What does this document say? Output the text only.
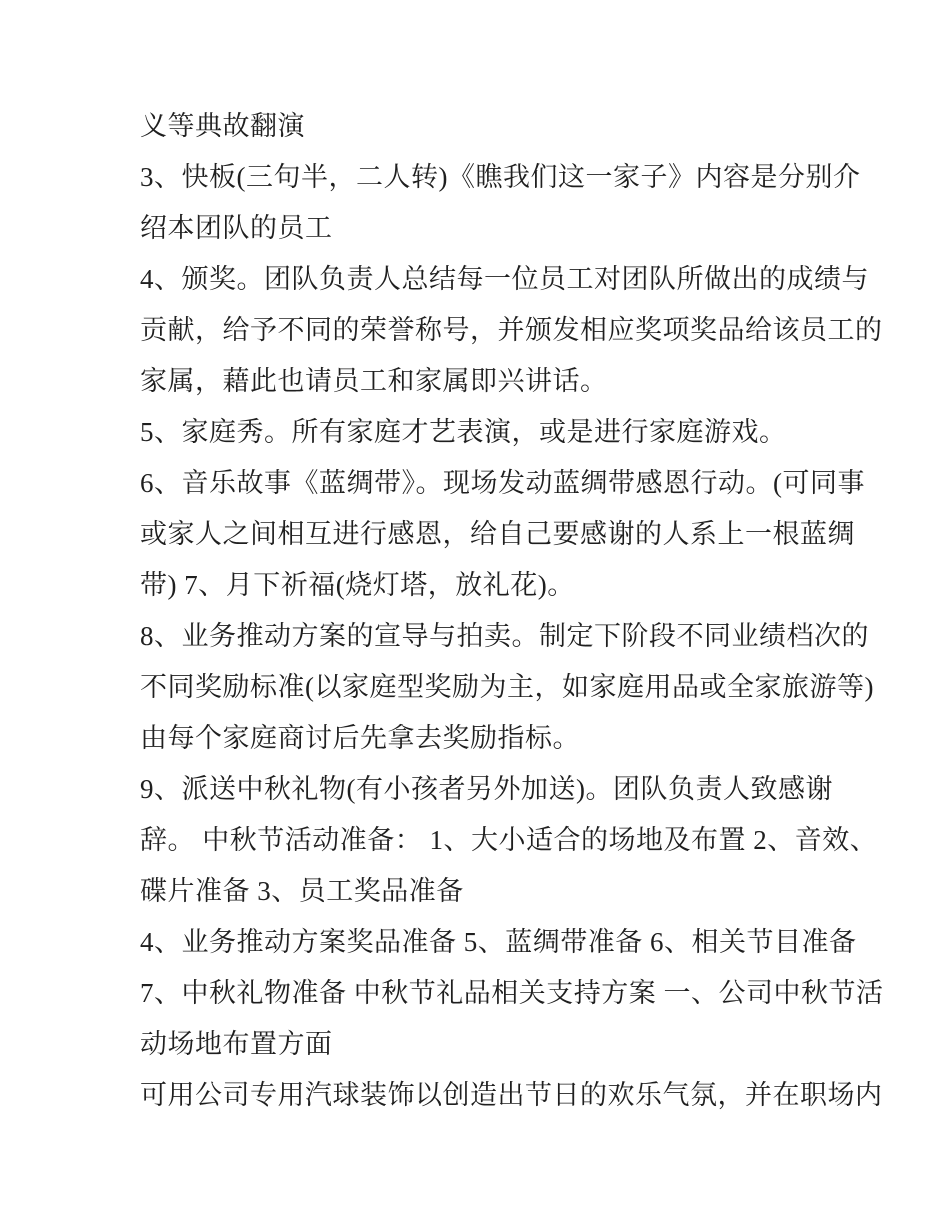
义等典故翻演
3、快板(三句半，二人转)《瞧我们这一家子》内容是分别介
绍本团队的员工
4、颁奖。团队负责人总结每一位员工对团队所做出的成绩与
贡献，给予不同的荣誉称号，并颁发相应奖项奖品给该员工的
家属，藉此也请员工和家属即兴讲话。
5、家庭秀。所有家庭才艺表演，或是进行家庭游戏。
6、音乐故事《蓝绸带》。现场发动蓝绸带感恩行动。(可同事
或家人之间相互进行感恩，给自己要感谢的人系上一根蓝绸
带) 7、月下祈福(烧灯塔，放礼花)。
8、业务推动方案的宣导与拍卖。制定下阶段不同业绩档次的
不同奖励标准(以家庭型奖励为主，如家庭用品或全家旅游等)
由每个家庭商讨后先拿去奖励指标。
9、派送中秋礼物(有小孩者另外加送)。团队负责人致感谢
辞。 中秋节活动准备： 1、大小适合的场地及布置 2、音效、
碟片准备 3、员工奖品准备
4、业务推动方案奖品准备 5、蓝绸带准备 6、相关节目准备
7、中秋礼物准备 中秋节礼品相关支持方案 一、公司中秋节活
动场地布置方面
可用公司专用汽球装饰以创造出节日的欢乐气氛，并在职场内
